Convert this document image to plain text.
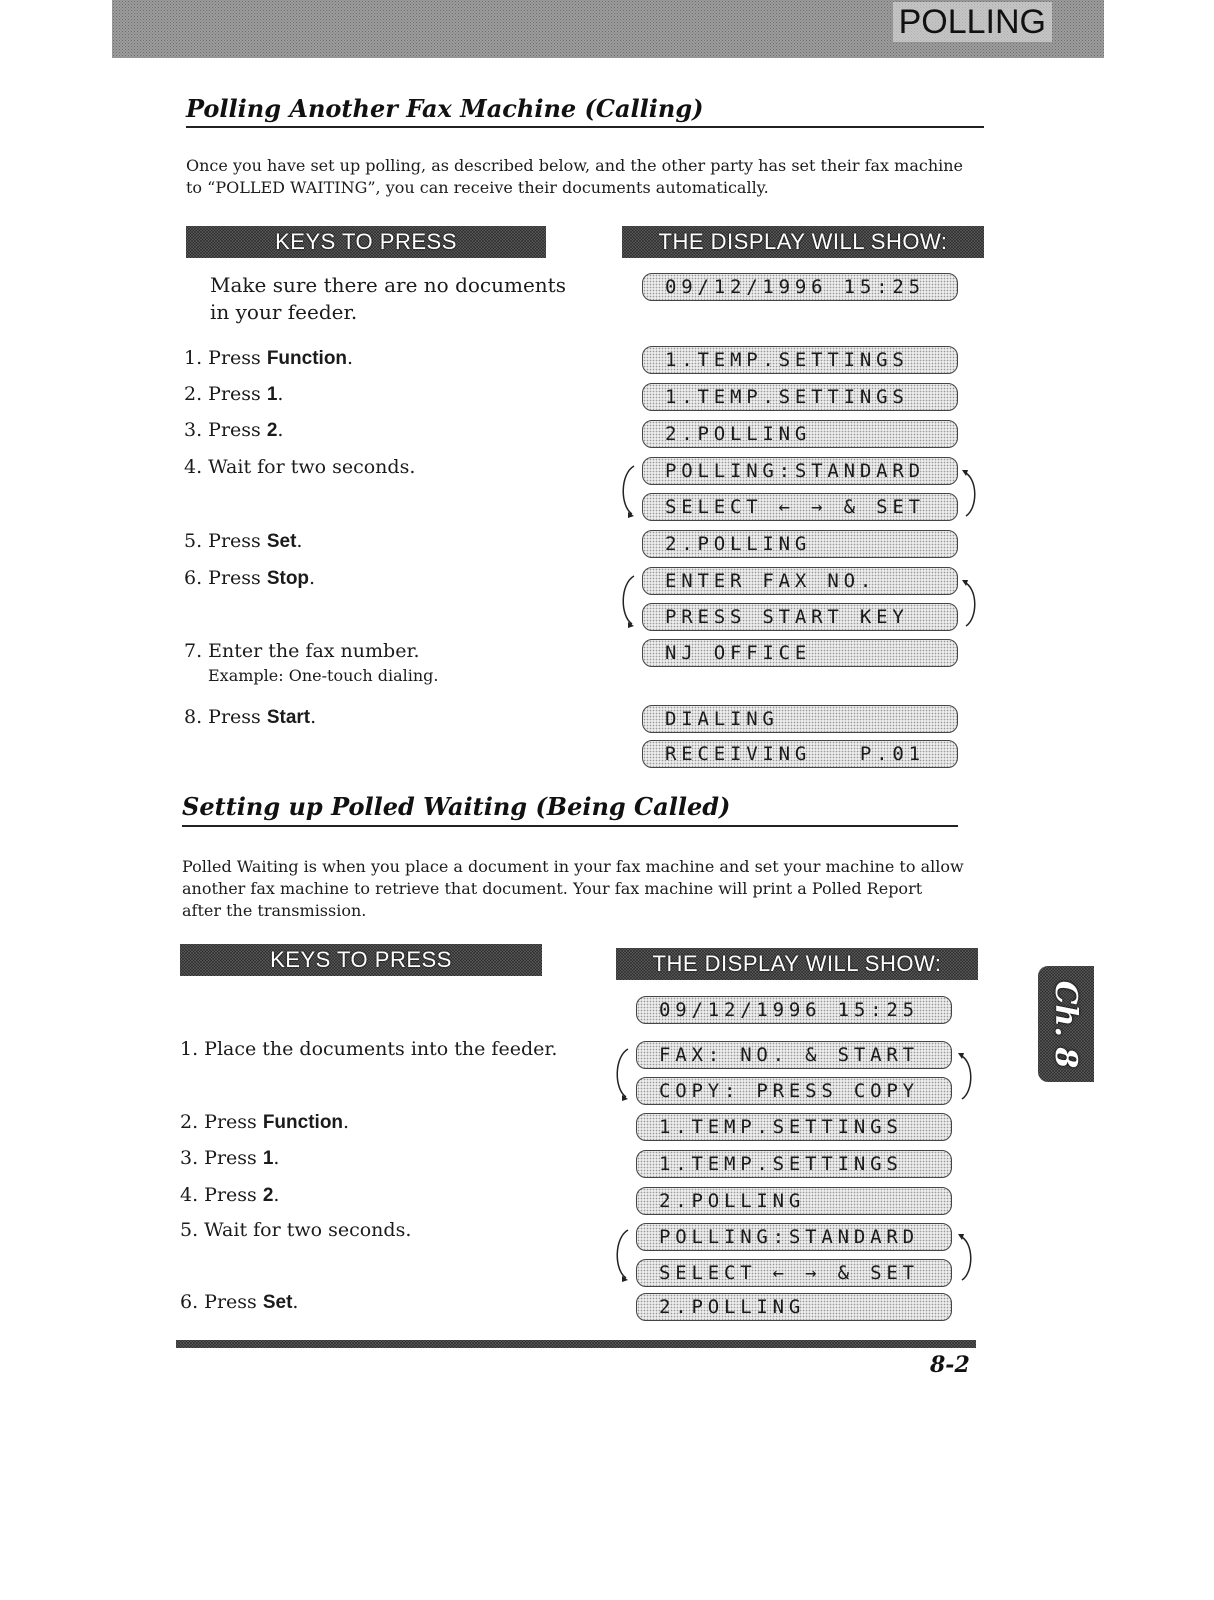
POLLING
Polling Another Fax Machine (Calling)
Once you have set up polling, as described below, and the other party has set their fax machine
to “POLLED WAITING”, you can receive their documents automatically.
KEYS TO PRESS	THE DISPLAY WILL SHOW:
Make sure there are no documents
in your feeder.
1. Press Function.
2. Press 1.
3. Press 2.
4. Wait for two seconds.
5. Press Set.
6. Press Stop.
7. Enter the fax number.
Example: One-touch dialing.
8. Press Start.
09/12/1996 15:25
1.TEMP.SETTINGS
1.TEMP.SETTINGS
2.POLLING
POLLING:STANDARD
SELECT ← → & SET
2.POLLING
ENTER FAX NO.
PRESS START KEY
NJ OFFICE
DIALING
RECEIVING   P.01
Setting up Polled Waiting (Being Called)
Polled Waiting is when you place a document in your fax machine and set your machine to allow
another fax machine to retrieve that document. Your fax machine will print a Polled Report
after the transmission.
KEYS TO PRESS	THE DISPLAY WILL SHOW:
1. Place the documents into the feeder.
2. Press Function.
3. Press 1.
4. Press 2.
5. Wait for two seconds.
6. Press Set.
09/12/1996 15:25
FAX: NO. & START
COPY: PRESS COPY
1.TEMP.SETTINGS
1.TEMP.SETTINGS
2.POLLING
POLLING:STANDARD
SELECT ← → & SET
2.POLLING
Ch. 8
8-2
